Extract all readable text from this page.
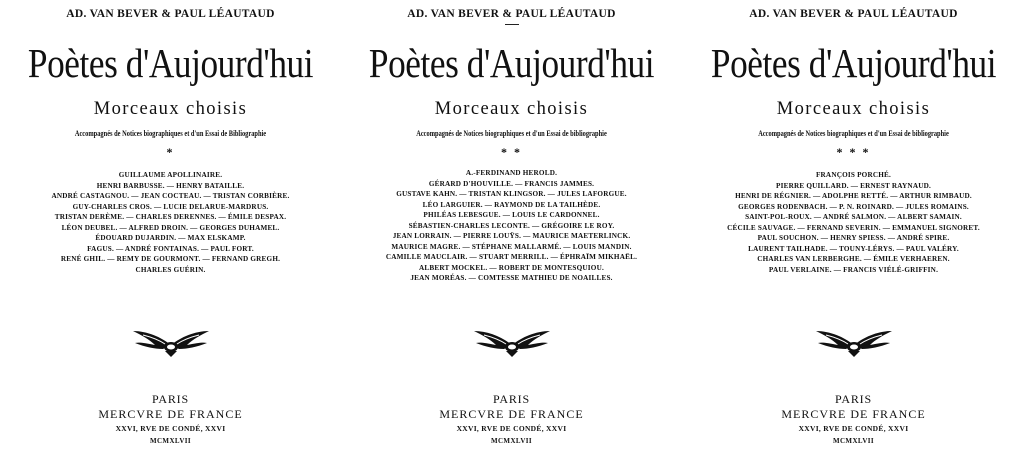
AD. VAN BEVER & PAUL LÉAUTAUD
Poètes d'Aujourd'hui
Morceaux choisis
Accompagnés de Notices biographiques et d'un Essai de Bibliographie
*
GUILLAUME APOLLINAIRE.
HENRI BARBUSSE. — HENRY BATAILLE.
ANDRÉ CASTAGNOU. — JEAN COCTEAU. — TRISTAN CORBIÈRE.
GUY-CHARLES CROS. — LUCIE DELARUE-MARDRUS.
TRISTAN DERÈME. — CHARLES DERENNES. — ÉMILE DESPAX.
LÉON DEUBEL. — ALFRED DROIN. — GEORGES DUHAMEL.
ÉDOUARD DUJARDIN. — MAX ELSKAMP.
FAGUS. — ANDRÉ FONTAINAS. — PAUL FORT.
RENÉ GHIL. — REMY DE GOURMONT. — FERNAND GREGH.
CHARLES GUÉRIN.
PARIS
MERCVRE DE FRANCE
XXVI, RVE DE CONDÉ, XXVI
MCMXLVII
AD. VAN BEVER & PAUL LÉAUTAUD
Poètes d'Aujourd'hui
Morceaux choisis
Accompagnés de Notices biographiques et d'un Essai de bibliographie
* *
A.-FERDINAND HEROLD.
GÉRARD D'HOUVILLE. — FRANCIS JAMMES.
GUSTAVE KAHN. — TRISTAN KLINGSOR. — JULES LAFORGUE.
LÉO LARGUIER. — RAYMOND DE LA TAILHÈDE.
PHILÉAS LEBESGUE. — LOUIS LE CARDONNEL.
SÉBASTIEN-CHARLES LECONTE. — GRÉGOIRE LE ROY.
JEAN LORRAIN. — PIERRE LOUŸS. — MAURICE MAETERLINCK.
MAURICE MAGRE. — STÉPHANE MALLARMÉ. — LOUIS MANDIN.
CAMILLE MAUCLAIR. — STUART MERRILL. — ÉPHRAÏM MIKHAËL.
ALBERT MOCKEL. — ROBERT DE MONTESQUIOU.
JEAN MORÉAS. — COMTESSE MATHIEU DE NOAILLES.
PARIS
MERCVRE DE FRANCE
XXVI, RVE DE CONDÉ, XXVI
MCMXLVII
AD. VAN BEVER & PAUL LÉAUTAUD
Poètes d'Aujourd'hui
Morceaux choisis
Accompagnés de Notices biographiques et d'un Essai de bibliographie
* * *
FRANÇOIS PORCHÉ.
PIERRE QUILLARD. — ERNEST RAYNAUD.
HENRI DE RÉGNIER. — ADOLPHE RETTÉ. — ARTHUR RIMBAUD.
GEORGES RODENBACH. — P. N. ROINARD. — JULES ROMAINS.
SAINT-POL-ROUX. — ANDRÉ SALMON. — ALBERT SAMAIN.
CÉCILE SAUVAGE. — FERNAND SEVERIN. — EMMANUEL SIGNORET.
PAUL SOUCHON. — HENRY SPIESS. — ANDRÉ SPIRE.
LAURENT TAILHADE. — TOUNY-LÉRYS. — PAUL VALÉRY.
CHARLES VAN LERBERGHE. — ÉMILE VERHAEREN.
PAUL VERLAINE. — FRANCIS VIÉLÉ-GRIFFIN.
PARIS
MERCVRE DE FRANCE
XXVI, RVE DE CONDÉ, XXVI
MCMXLVII
